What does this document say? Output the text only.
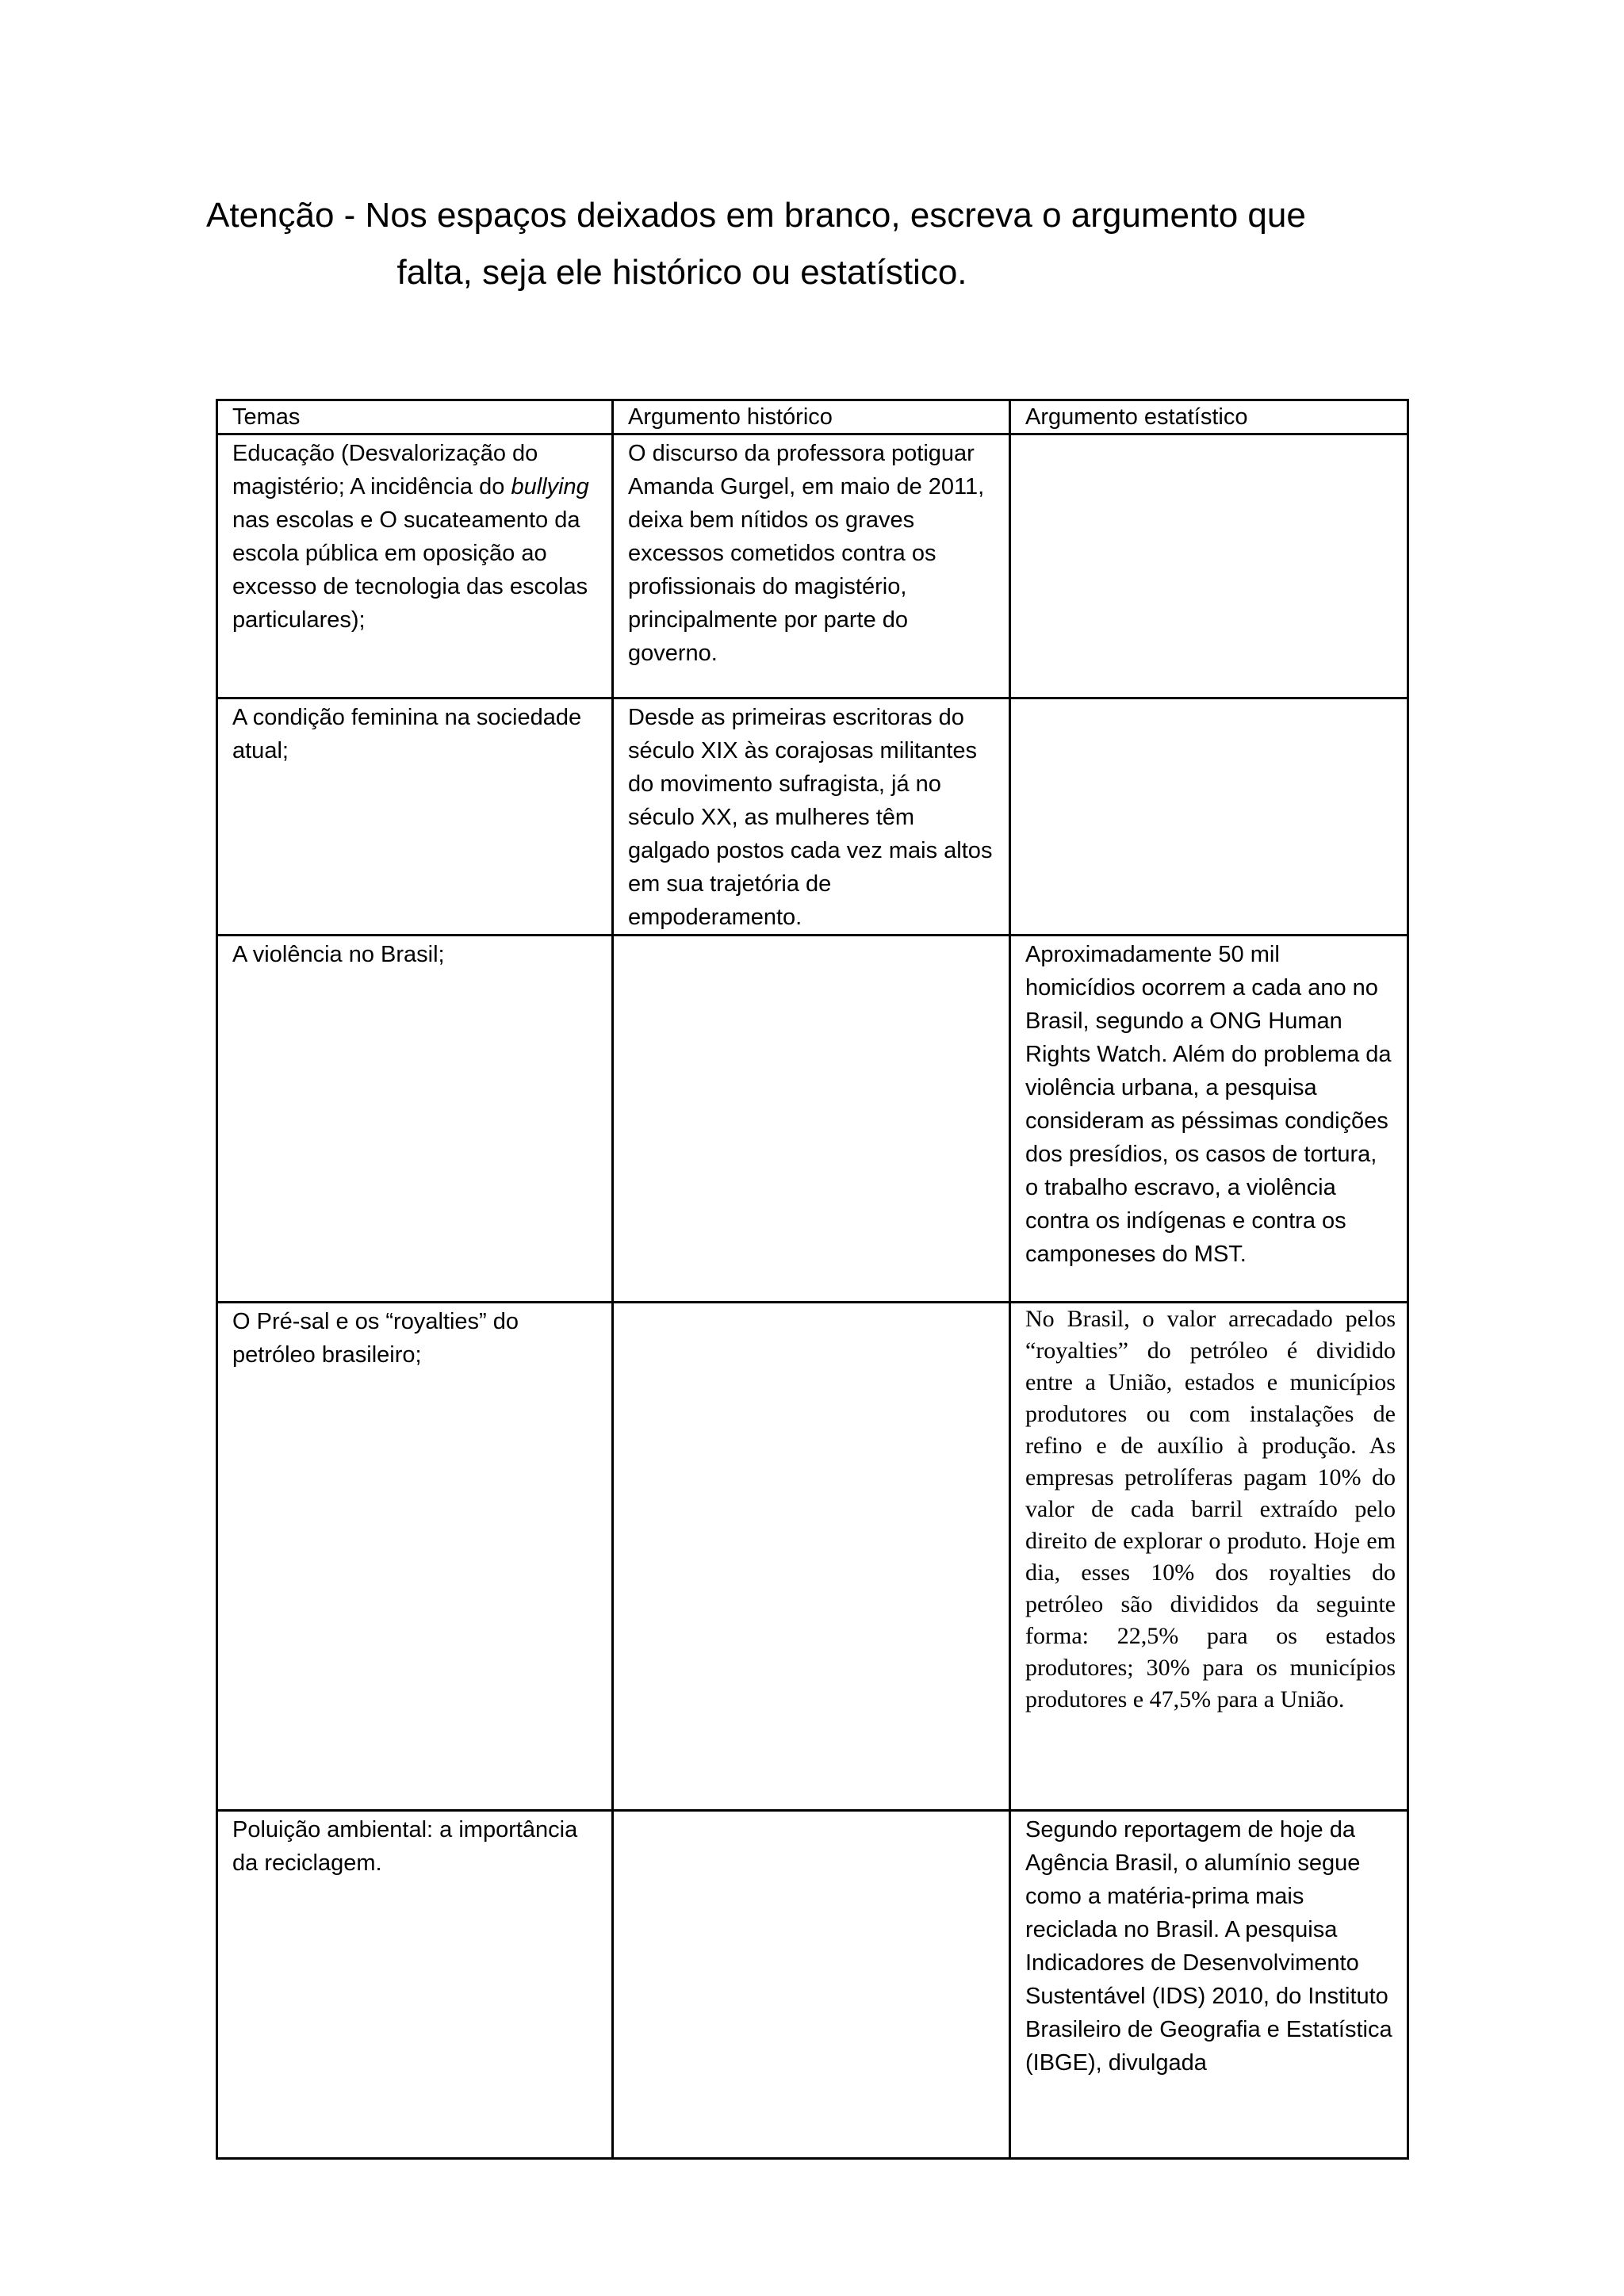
Atenção - Nos espaços deixados em branco, escreva o argumento que
falta, seja ele histórico ou estatístico.
Temas	Argumento histórico	Argumento estatístico
Educação (Desvalorização do magistério; A incidência do bullying nas escolas e O sucateamento da escola pública em oposição ao excesso de tecnologia das escolas particulares);	O discurso da professora potiguar Amanda Gurgel, em maio de 2011, deixa bem nítidos os graves excessos cometidos contra os profissionais do magistério, principalmente por parte do governo.	
A condição feminina na sociedade atual;	Desde as primeiras escritoras do século XIX às corajosas militantes do movimento sufragista, já no século XX, as mulheres têm galgado postos cada vez mais altos em sua trajetória de empoderamento.	
A violência no Brasil;		Aproximadamente 50 mil homicídios ocorrem a cada ano no Brasil, segundo a ONG Human Rights Watch. Além do problema da violência urbana, a pesquisa consideram as péssimas condições dos presídios, os casos de tortura, o trabalho escravo, a violência contra os indígenas e contra os camponeses do MST.
O Pré-sal e os “royalties” do petróleo brasileiro;		No Brasil, o valor arrecadado pelos “royalties” do petróleo é dividido entre a União, estados e municípios produtores ou com instalações de refino e de auxílio à produção. As empresas petrolíferas pagam 10% do valor de cada barril extraído pelo direito de explorar o produto. Hoje em dia, esses 10% dos royalties do petróleo são divididos da seguinte forma: 22,5% para os estados produtores; 30% para os municípios produtores e 47,5% para a União.
Poluição ambiental: a importância da reciclagem.		Segundo reportagem de hoje da Agência Brasil, o alumínio segue como a matéria-prima mais reciclada no Brasil. A pesquisa Indicadores de Desenvolvimento Sustentável (IDS) 2010, do Instituto Brasileiro de Geografia e Estatística (IBGE), divulgada
